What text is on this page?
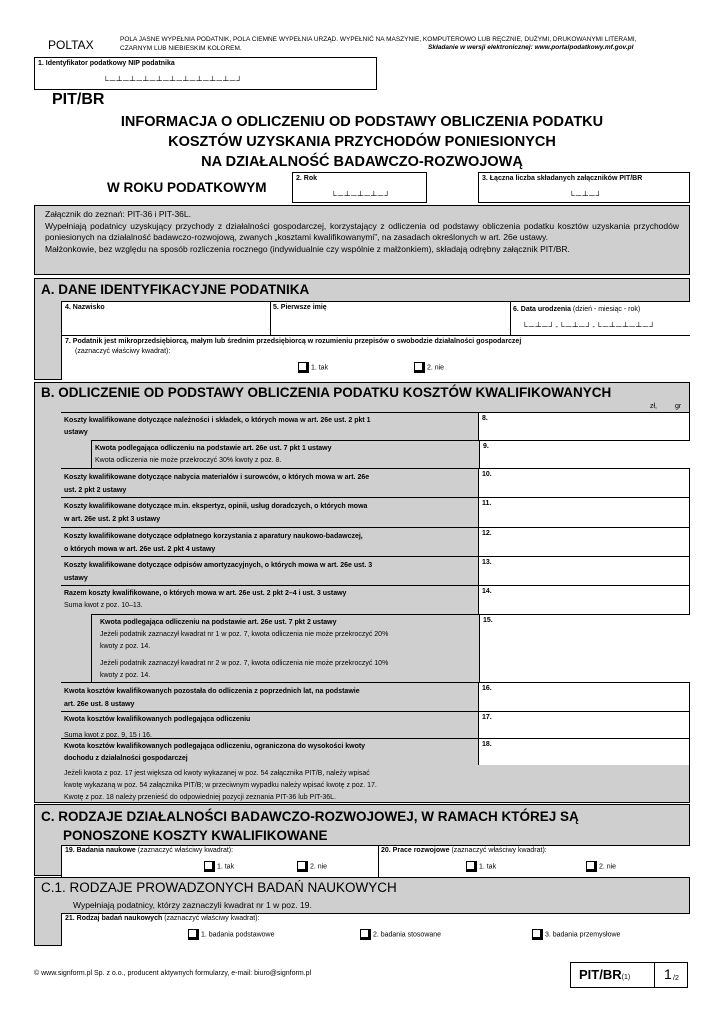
POLTAX	POLA JASNE WYPEŁNIA PODATNIK, POLA CIEMNE WYPEŁNIA URZĄD. WYPEŁNIĆ NA MASZYNIE, KOMPUTEROWO LUB RĘCZNIE, DUŻYMI, DRUKOWANYMI LITERAMI, CZARNYM LUB NIEBIESKIM KOLOREM.	Składanie w wersji elektronicznej: www.portalpodatkowy.mf.gov.pl
1. Identyfikator podatkowy NIP podatnika
└─┴─┴─┴─┴─┴─┴─┴─┴─┴─┘
PIT/BR
INFORMACJA O ODLICZENIU OD PODSTAWY OBLICZENIA PODATKU
KOSZTÓW UZYSKANIA PRZYCHODÓW PONIESIONYCH
NA DZIAŁALNOŚĆ BADAWCZO-ROZWOJOWĄ
W ROKU PODATKOWYM
2. Rok
└─┴─┴─┴─┘
3. Łączna liczba składanych załączników PIT/BR
└─┴─┘
Załącznik do zeznań: PIT-36 i PIT-36L.
Wypełniają podatnicy uzyskujący przychody z działalności gospodarczej, korzystający z odliczenia od podstawy obliczenia podatku kosztów uzyskania przychodów poniesionych na działalność badawczo-rozwojową, zwanych „kosztami kwalifikowanymi”, na zasadach określonych w art. 26e ustawy.
Małżonkowie, bez względu na sposób rozliczenia rocznego (indywidualnie czy wspólnie z małżonkiem), składają odrębny załącznik PIT/BR.
A. DANE IDENTYFIKACYJNE PODATNIKA
4. Nazwisko	5. Pierwsze imię	6. Data urodzenia (dzień - miesiąc - rok)
└─┴─┘-└─┴─┘-└─┴─┴─┴─┘
7. Podatnik jest mikroprzedsiębiorcą, małym lub średnim przedsiębiorcą w rozumieniu przepisów o swobodzie działalności gospodarczej
(zaznaczyć właściwy kwadrat):
1. tak	2. nie
B. ODLICZENIE OD PODSTAWY OBLICZENIA PODATKU KOSZTÓW KWALIFIKOWANYCH
zł,	gr
Koszty kwalifikowane dotyczące należności i składek, o których mowa w art. 26e ust. 2 pkt 1
ustawy
8.
Kwota podlegająca odliczeniu na podstawie art. 26e ust. 7 pkt 1 ustawy
Kwota odliczenia nie może przekroczyć 30% kwoty z poz. 8.
9.
Koszty kwalifikowane dotyczące nabycia materiałów i surowców, o których mowa w art. 26e
ust. 2 pkt 2 ustawy
10.
Koszty kwalifikowane dotyczące m.in. ekspertyz, opinii, usług doradczych, o których mowa
w art. 26e ust. 2 pkt 3 ustawy
11.
Koszty kwalifikowane dotyczące odpłatnego korzystania z aparatury naukowo-badawczej,
o których mowa w art. 26e ust. 2 pkt 4 ustawy
12.
Koszty kwalifikowane dotyczące odpisów amortyzacyjnych, o których mowa w art. 26e ust. 3
ustawy
13.
Razem koszty kwalifikowane, o których mowa w art. 26e ust. 2 pkt 2–4 i ust. 3 ustawy
Suma kwot z poz. 10–13.
14.
Kwota podlegająca odliczeniu na podstawie art. 26e ust. 7 pkt 2 ustawy
Jeżeli podatnik zaznaczył kwadrat nr 1 w poz. 7, kwota odliczenia nie może przekroczyć 20%
kwoty z poz. 14.
Jeżeli podatnik zaznaczył kwadrat nr 2 w poz. 7, kwota odliczenia nie może przekroczyć 10%
kwoty z poz. 14.
15.
Kwota kosztów kwalifikowanych pozostała do odliczenia z poprzednich lat, na podstawie
art. 26e ust. 8 ustawy
16.
Kwota kosztów kwalifikowanych podlegająca odliczeniu
Suma kwot z poz. 9, 15 i 16.
17.
Kwota kosztów kwalifikowanych podlegająca odliczeniu, ograniczona do wysokości kwoty
dochodu z działalności gospodarczej
Jeżeli kwota z poz. 17 jest większa od kwoty wykazanej w poz. 54 załącznika PIT/B, należy wpisać
kwotę wykazaną w poz. 54 załącznika PIT/B; w przeciwnym wypadku należy wpisać kwotę z poz. 17.
Kwotę z poz. 18 należy przenieść do odpowiedniej pozycji zeznania PIT-36 lub PIT-36L.
18.
C. RODZAJE DZIAŁALNOŚCI BADAWCZO-ROZWOJOWEJ, W RAMACH KTÓREJ SĄ
PONOSZONE KOSZTY KWALIFIKOWANE
19. Badania naukowe (zaznaczyć właściwy kwadrat):
1. tak	2. nie
20. Prace rozwojowe (zaznaczyć właściwy kwadrat):
1. tak	2. nie
C.1. RODZAJE PROWADZONYCH BADAŃ NAUKOWYCH
Wypełniają podatnicy, którzy zaznaczyli kwadrat nr 1 w poz. 19.
21. Rodzaj badań naukowych (zaznaczyć właściwy kwadrat):
1. badania podstawowe	2. badania stosowane	3. badania przemysłowe
© www.signform.pl Sp. z o.o., producent aktywnych formularzy, e-mail: biuro@signform.pl	PIT/BR(1) 1 /2
